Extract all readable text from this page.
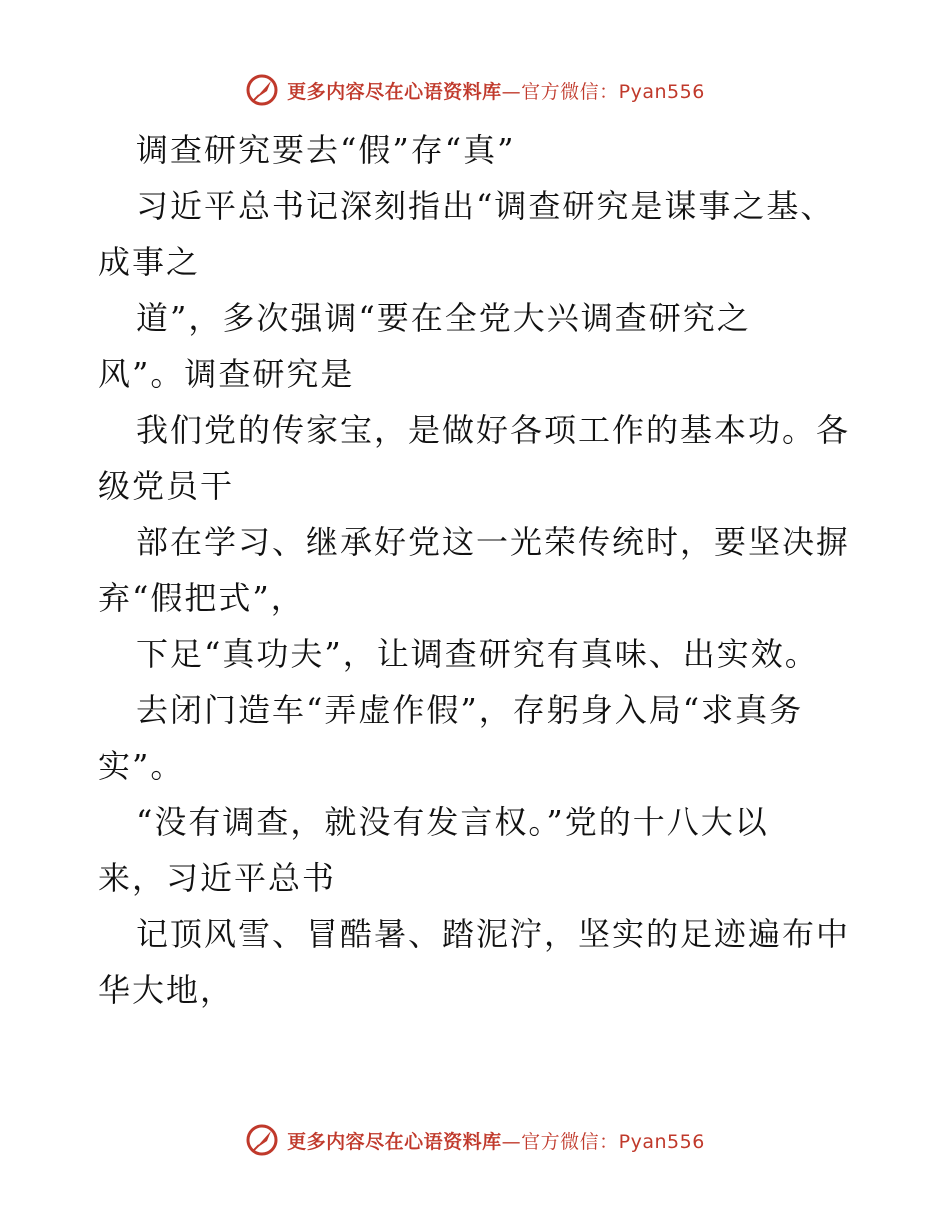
更多内容尽在心语资料库—官方微信：Pyan556
调查研究要去“假”存“真”
习近平总书记深刻指出“调查研究是谋事之基、
成事之
道”，多次强调“要在全党大兴调查研究之
风”。调查研究是
我们党的传家宝，是做好各项工作的基本功。各
级党员干
部在学习、继承好党这一光荣传统时，要坚决摒
弃“假把式”，
下足“真功夫”，让调查研究有真味、出实效。
去闭门造车“弄虚作假”，存躬身入局“求真务
实”。
“没有调查，就没有发言权。”党的十八大以
来，习近平总书
记顶风雪、冒酷暑、踏泥泞，坚实的足迹遍布中
华大地，
更多内容尽在心语资料库—官方微信：Pyan556
